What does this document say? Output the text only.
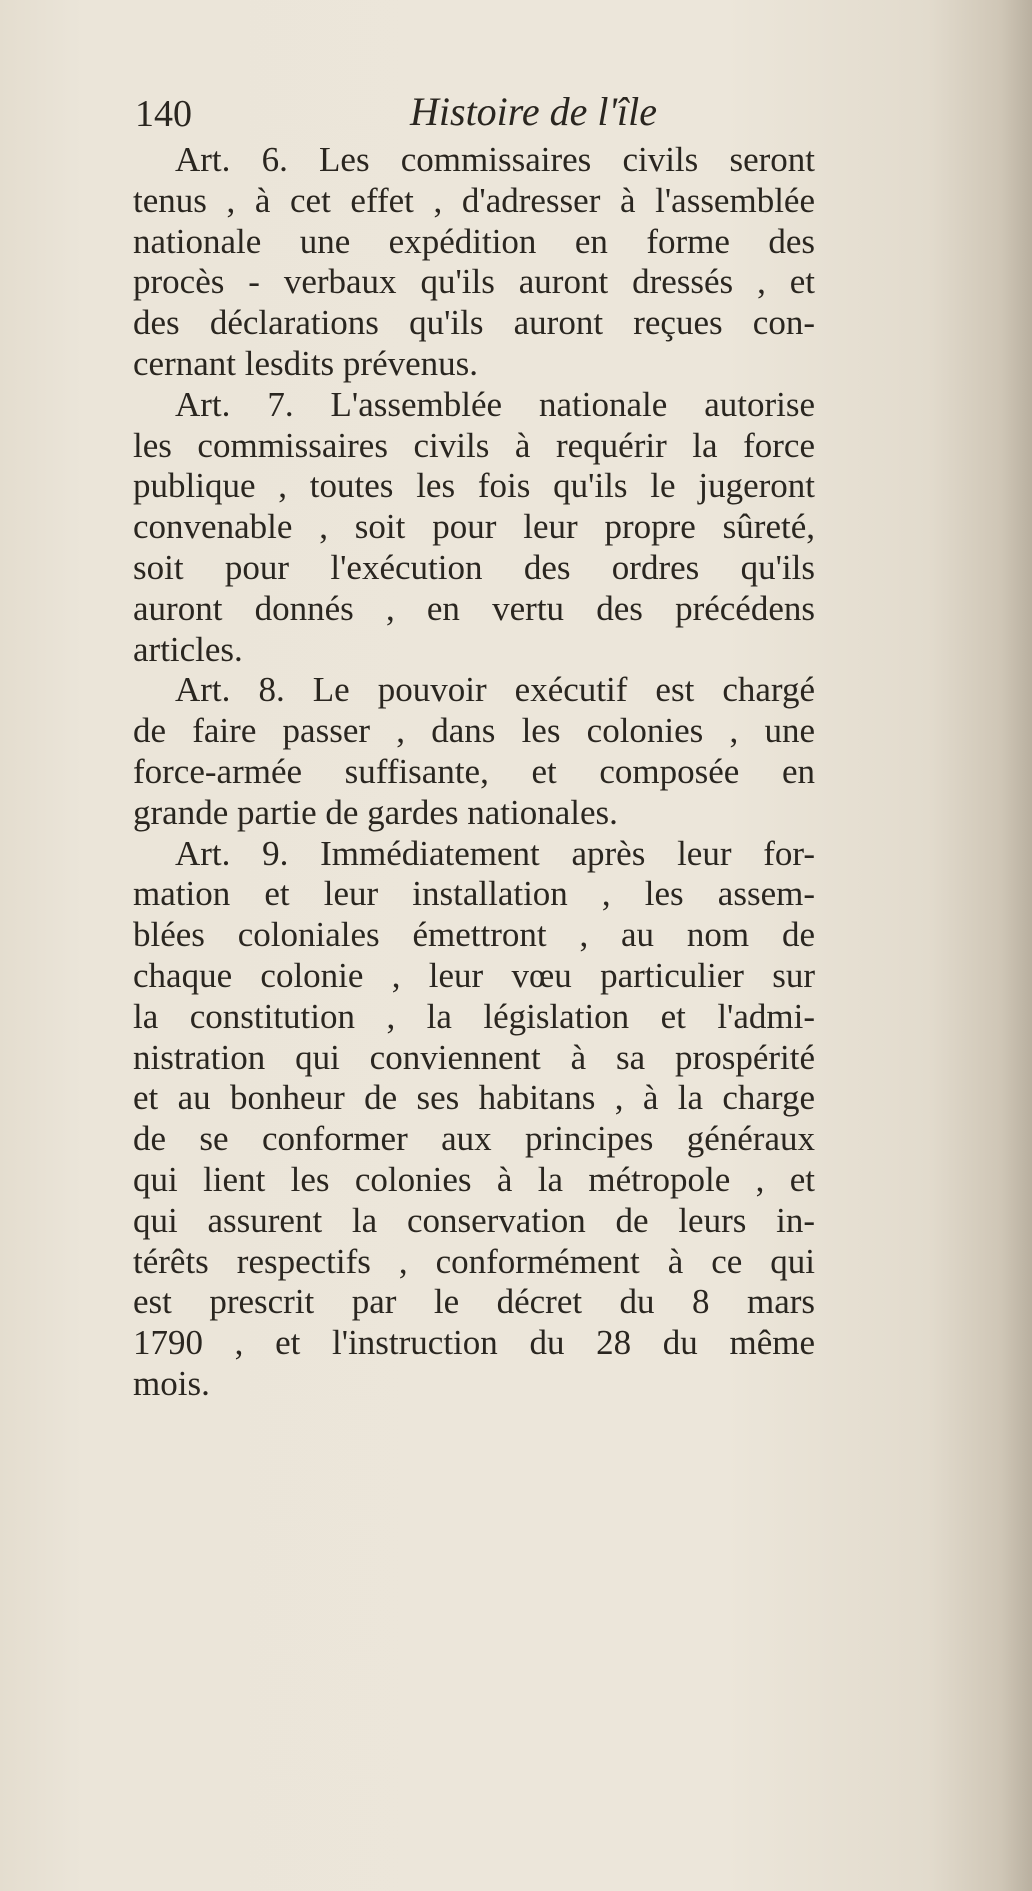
140	Histoire de l'île
Art. 6. Les commissaires civils seront
tenus , à cet effet , d'adresser à l'assemblée
nationale une expédition en forme des
procès - verbaux qu'ils auront dressés , et
des déclarations qu'ils auront reçues con-
cernant lesdits prévenus.
Art. 7. L'assemblée nationale autorise
les commissaires civils à requérir la force
publique , toutes les fois qu'ils le jugeront
convenable , soit pour leur propre sûreté,
soit pour l'exécution des ordres qu'ils
auront donnés , en vertu des précédens
articles.
Art. 8. Le pouvoir exécutif est chargé
de faire passer , dans les colonies , une
force-armée suffisante, et composée en
grande partie de gardes nationales.
Art. 9. Immédiatement après leur for-
mation et leur installation , les assem-
blées coloniales émettront , au nom de
chaque colonie , leur vœu particulier sur
la constitution , la législation et l'admi-
nistration qui conviennent à sa prospérité
et au bonheur de ses habitans , à la charge
de se conformer aux principes généraux
qui lient les colonies à la métropole , et
qui assurent la conservation de leurs in-
térêts respectifs , conformément à ce qui
est prescrit par le décret du 8 mars
1790 , et l'instruction du 28 du même
mois.
